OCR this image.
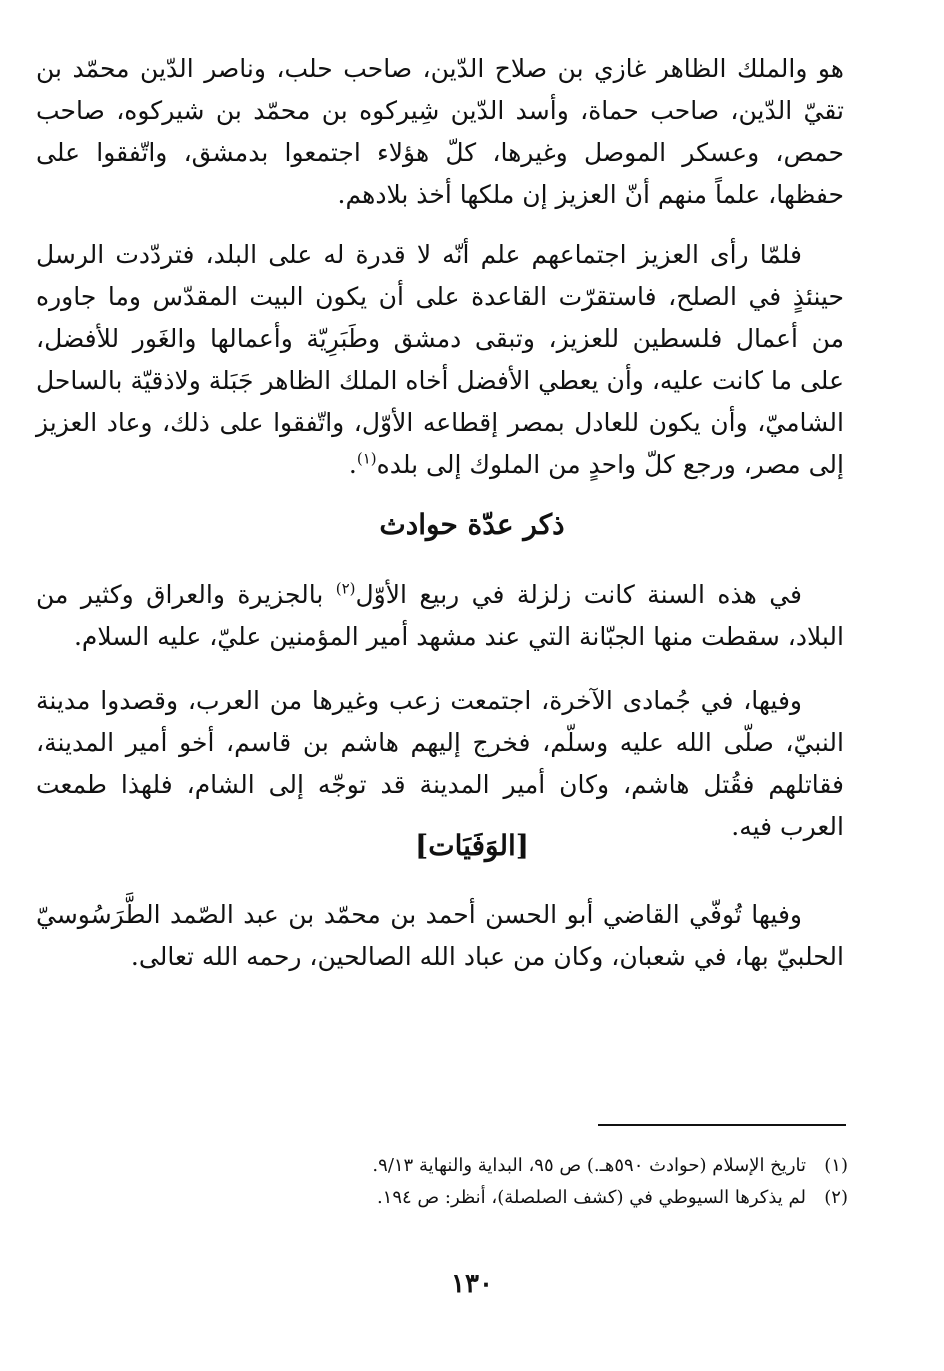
هو والملك الظاهر غازي بن صلاح الدّين، صاحب حلب، وناصر الدّين محمّد بن تقيّ الدّين، صاحب حماة، وأسد الدّين شِيركوه بن محمّد بن شيركوه، صاحب حمص، وعسكر الموصل وغيرها، كلّ هؤلاء اجتمعوا بدمشق، واتّفقوا على حفظها، علماً منهم أنّ العزيز إن ملكها أخذ بلادهم.

فلمّا رأى العزيز اجتماعهم علم أنّه لا قدرة له على البلد، فتردّدت الرسل حينئذٍ في الصلح، فاستقرّت القاعدة على أن يكون البيت المقدّس وما جاوره من أعمال فلسطين للعزيز، وتبقى دمشق وطَبَرِيّة وأعمالها والغَور للأفضل، على ما كانت عليه، وأن يعطي الأفضل أخاه الملك الظاهر جَبَلة ولاذقيّة بالساحل الشاميّ، وأن يكون للعادل بمصر إقطاعه الأوّل، واتّفقوا على ذلك، وعاد العزيز إلى مصر، ورجع كلّ واحدٍ من الملوك إلى بلده$^{(١)}$.

ذكر عدّة حوادث

في هذه السنة كانت زلزلة في ربيع الأوّل$^{(٢)}$ بالجزيرة والعراق وكثير من البلاد، سقطت منها الجبّانة التي عند مشهد أمير المؤمنين عليّ، عليه السلام.

وفيها، في جُمادى الآخرة، اجتمعت زعب وغيرها من العرب، وقصدوا مدينة النبيّ، صلّى الله عليه وسلّم، فخرج إليهم هاشم بن قاسم، أخو أمير المدينة، فقاتلهم فقُتل هاشم، وكان أمير المدينة قد توجّه إلى الشام، فلهذا طمعت العرب فيه.

[الوَفَيَات]

وفيها تُوفّي القاضي أبو الحسن أحمد بن محمّد بن عبد الصّمد الطَّرَسُوسيّ الحلبيّ بها، في شعبان، وكان من عباد الله الصالحين، رحمه الله تعالى.

(١)
تاريخ الإسلام (حوادث ٥٩٠هـ.) ص ٩٥، البداية والنهاية ٩/١٣.
(٢)
لم يذكرها السيوطي في (كشف الصلصلة)، أنظر: ص ١٩٤.
١٣٠
